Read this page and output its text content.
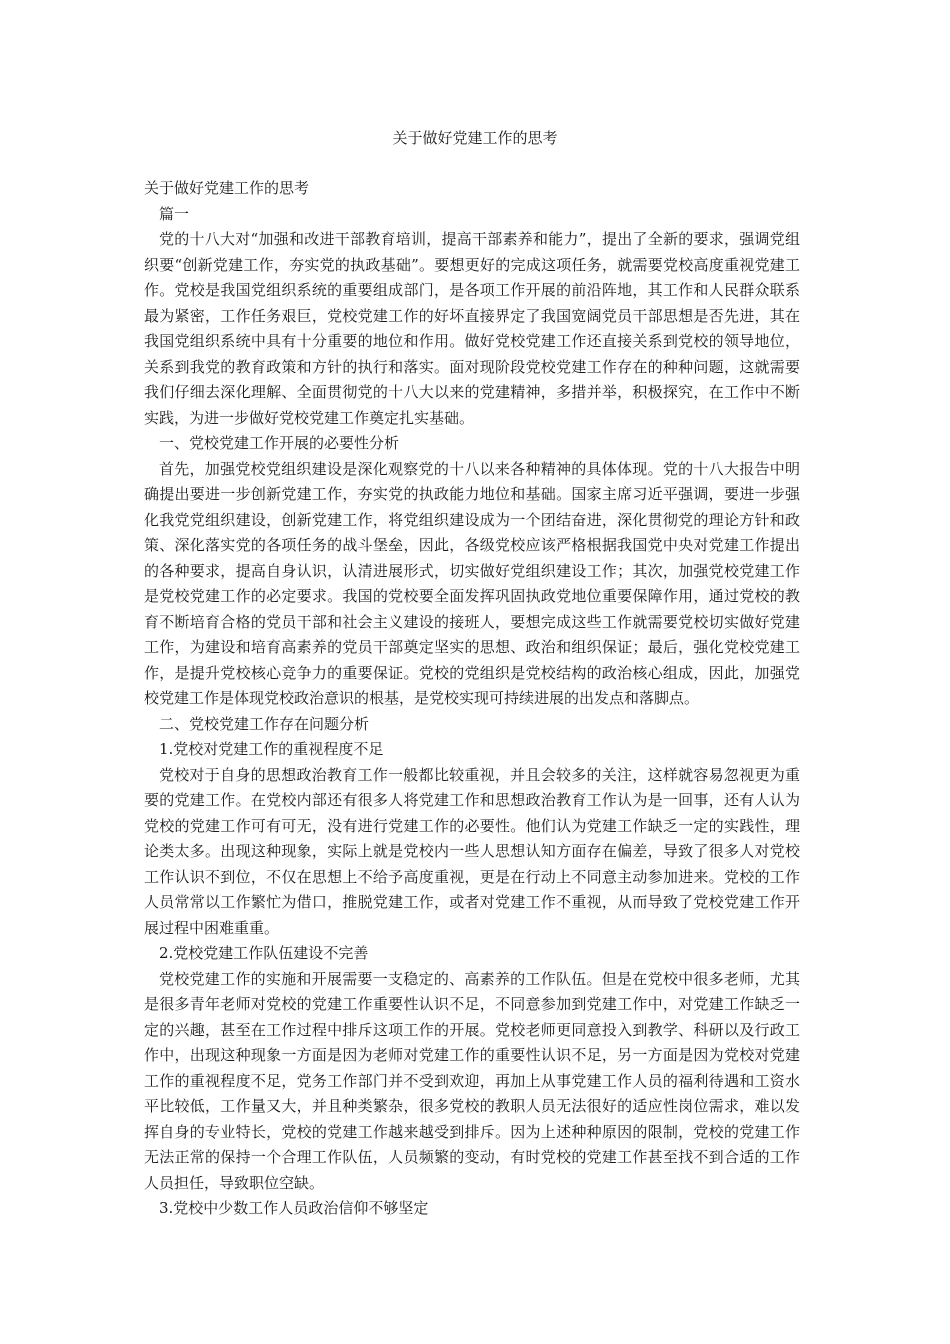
关于做好党建工作的思考

关于做好党建工作的思考

篇一

党的十八大对“加强和改进干部教育培训，提高干部素养和能力”，提出了全新的要求，强调党组织要“创新党建工作，夯实党的执政基础”。要想更好的完成这项任务，就需要党校高度重视党建工作。党校是我国党组织系统的重要组成部门，是各项工作开展的前沿阵地，其工作和人民群众联系最为紧密，工作任务艰巨，党校党建工作的好坏直接界定了我国宽阔党员干部思想是否先进，其在我国党组织系统中具有十分重要的地位和作用。做好党校党建工作还直接关系到党校的领导地位，关系到我党的教育政策和方针的执行和落实。面对现阶段党校党建工作存在的种种问题，这就需要我们仔细去深化理解、全面贯彻党的十八大以来的党建精神，多措并举，积极探究，在工作中不断实践，为进一步做好党校党建工作奠定扎实基础。

一、党校党建工作开展的必要性分析

首先，加强党校党组织建设是深化观察党的十八以来各种精神的具体体现。党的十八大报告中明确提出要进一步创新党建工作，夯实党的执政能力地位和基础。国家主席习近平强调，要进一步强化我党党组织建设，创新党建工作，将党组织建设成为一个团结奋进，深化贯彻党的理论方针和政策、深化落实党的各项任务的战斗堡垒，因此，各级党校应该严格根据我国党中央对党建工作提出的各种要求，提高自身认识，认清进展形式，切实做好党组织建设工作；其次，加强党校党建工作是党校党建工作的必定要求。我国的党校要全面发挥巩固执政党地位重要保障作用，通过党校的教育不断培育合格的党员干部和社会主义建设的接班人，要想完成这些工作就需要党校切实做好党建工作，为建设和培育高素养的党员干部奠定坚实的思想、政治和组织保证；最后，强化党校党建工作，是提升党校核心竞争力的重要保证。党校的党组织是党校结构的政治核心组成，因此，加强党校党建工作是体现党校政治意识的根基，是党校实现可持续进展的出发点和落脚点。

二、党校党建工作存在问题分析

1.党校对党建工作的重视程度不足

党校对于自身的思想政治教育工作一般都比较重视，并且会较多的关注，这样就容易忽视更为重要的党建工作。在党校内部还有很多人将党建工作和思想政治教育工作认为是一回事，还有人认为党校的党建工作可有可无，没有进行党建工作的必要性。他们认为党建工作缺乏一定的实践性，理论类太多。出现这种现象，实际上就是党校内一些人思想认知方面存在偏差，导致了很多人对党校工作认识不到位，不仅在思想上不给予高度重视，更是在行动上不同意主动参加进来。党校的工作人员常常以工作繁忙为借口，推脱党建工作，或者对党建工作不重视，从而导致了党校党建工作开展过程中困难重重。

2.党校党建工作队伍建设不完善

党校党建工作的实施和开展需要一支稳定的、高素养的工作队伍。但是在党校中很多老师，尤其是很多青年老师对党校的党建工作重要性认识不足，不同意参加到党建工作中，对党建工作缺乏一定的兴趣，甚至在工作过程中排斥这项工作的开展。党校老师更同意投入到教学、科研以及行政工作中，出现这种现象一方面是因为老师对党建工作的重要性认识不足，另一方面是因为党校对党建工作的重视程度不足，党务工作部门并不受到欢迎，再加上从事党建工作人员的福利待遇和工资水平比较低，工作量又大，并且种类繁杂，很多党校的教职人员无法很好的适应性岗位需求，难以发挥自身的专业特长，党校的党建工作越来越受到排斥。因为上述种种原因的限制，党校的党建工作无法正常的保持一个合理工作队伍，人员频繁的变动，有时党校的党建工作甚至找不到合适的工作人员担任，导致职位空缺。

3.党校中少数工作人员政治信仰不够坚定
